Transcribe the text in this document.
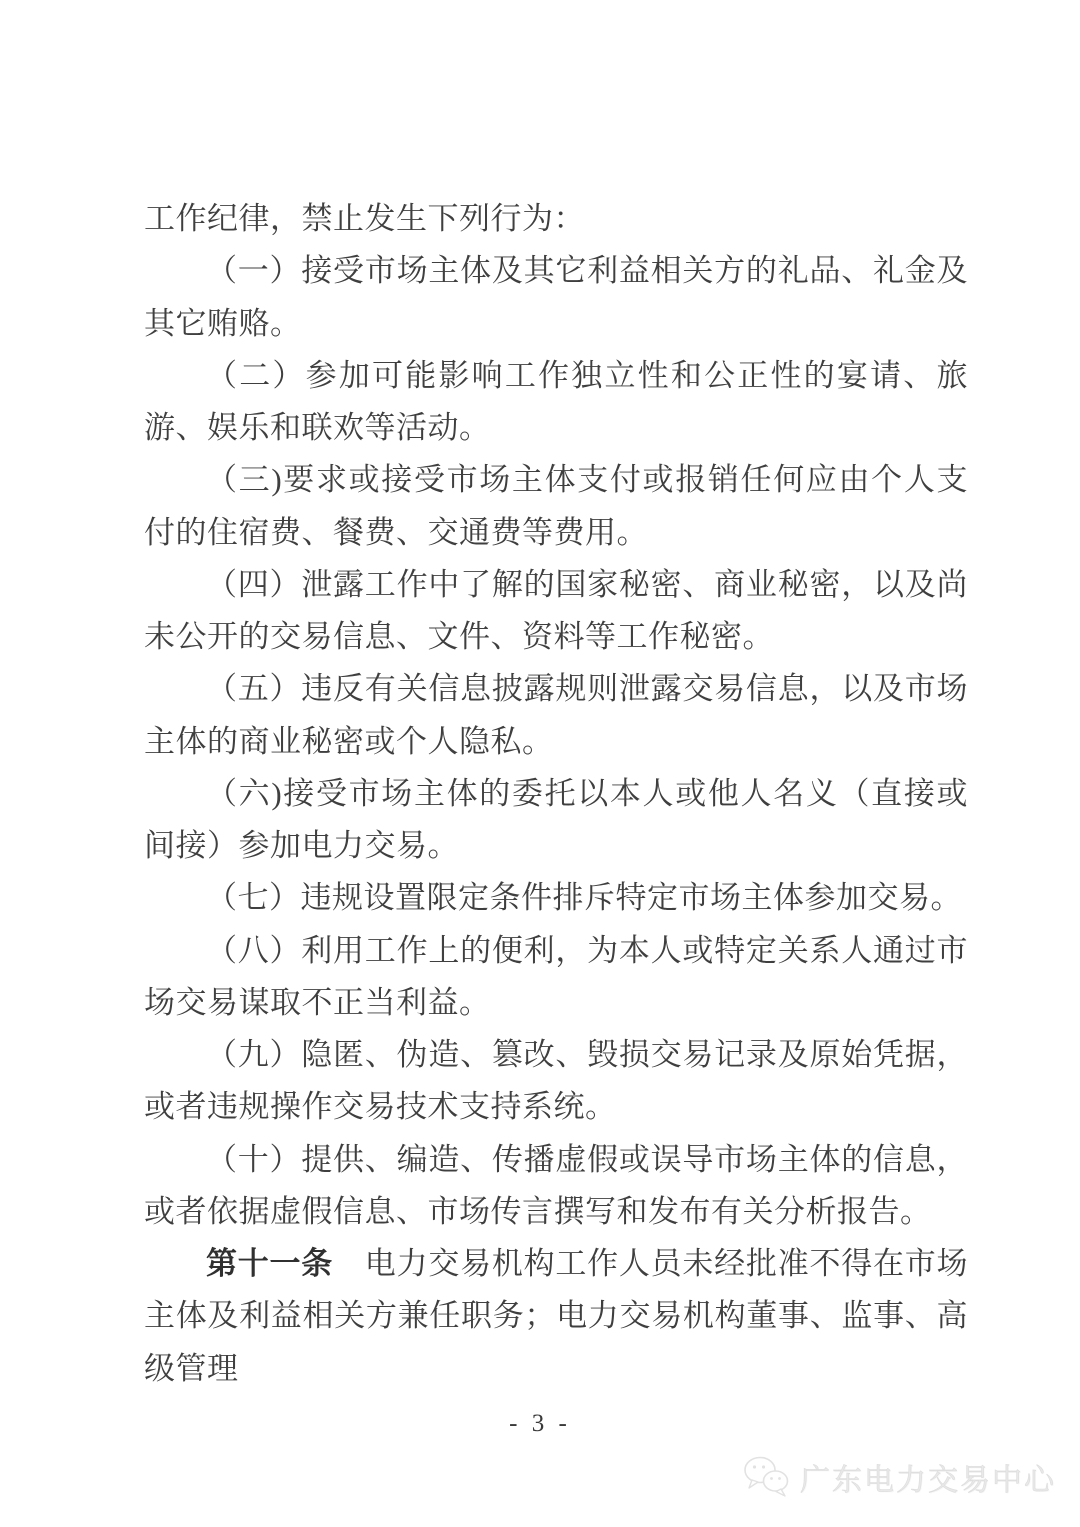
工作纪律，禁止发生下列行为：

（一）接受市场主体及其它利益相关方的礼品、礼金及其它贿赂。

（二）参加可能影响工作独立性和公正性的宴请、旅游、娱乐和联欢等活动。

（三)要求或接受市场主体支付或报销任何应由个人支付的住宿费、餐费、交通费等费用。

（四）泄露工作中了解的国家秘密、商业秘密，以及尚未公开的交易信息、文件、资料等工作秘密。

（五）违反有关信息披露规则泄露交易信息，以及市场主体的商业秘密或个人隐私。

（六)接受市场主体的委托以本人或他人名义（直接或间接）参加电力交易。

（七）违规设置限定条件排斥特定市场主体参加交易。

（八）利用工作上的便利，为本人或特定关系人通过市场交易谋取不正当利益。

（九）隐匿、伪造、篡改、毁损交易记录及原始凭据，或者违规操作交易技术支持系统。

（十）提供、编造、传播虚假或误导市场主体的信息，或者依据虚假信息、市场传言撰写和发布有关分析报告。

第十一条　电力交易机构工作人员未经批准不得在市场主体及利益相关方兼任职务；电力交易机构董事、监事、高级管理

- 3 -
广东电力交易中心
